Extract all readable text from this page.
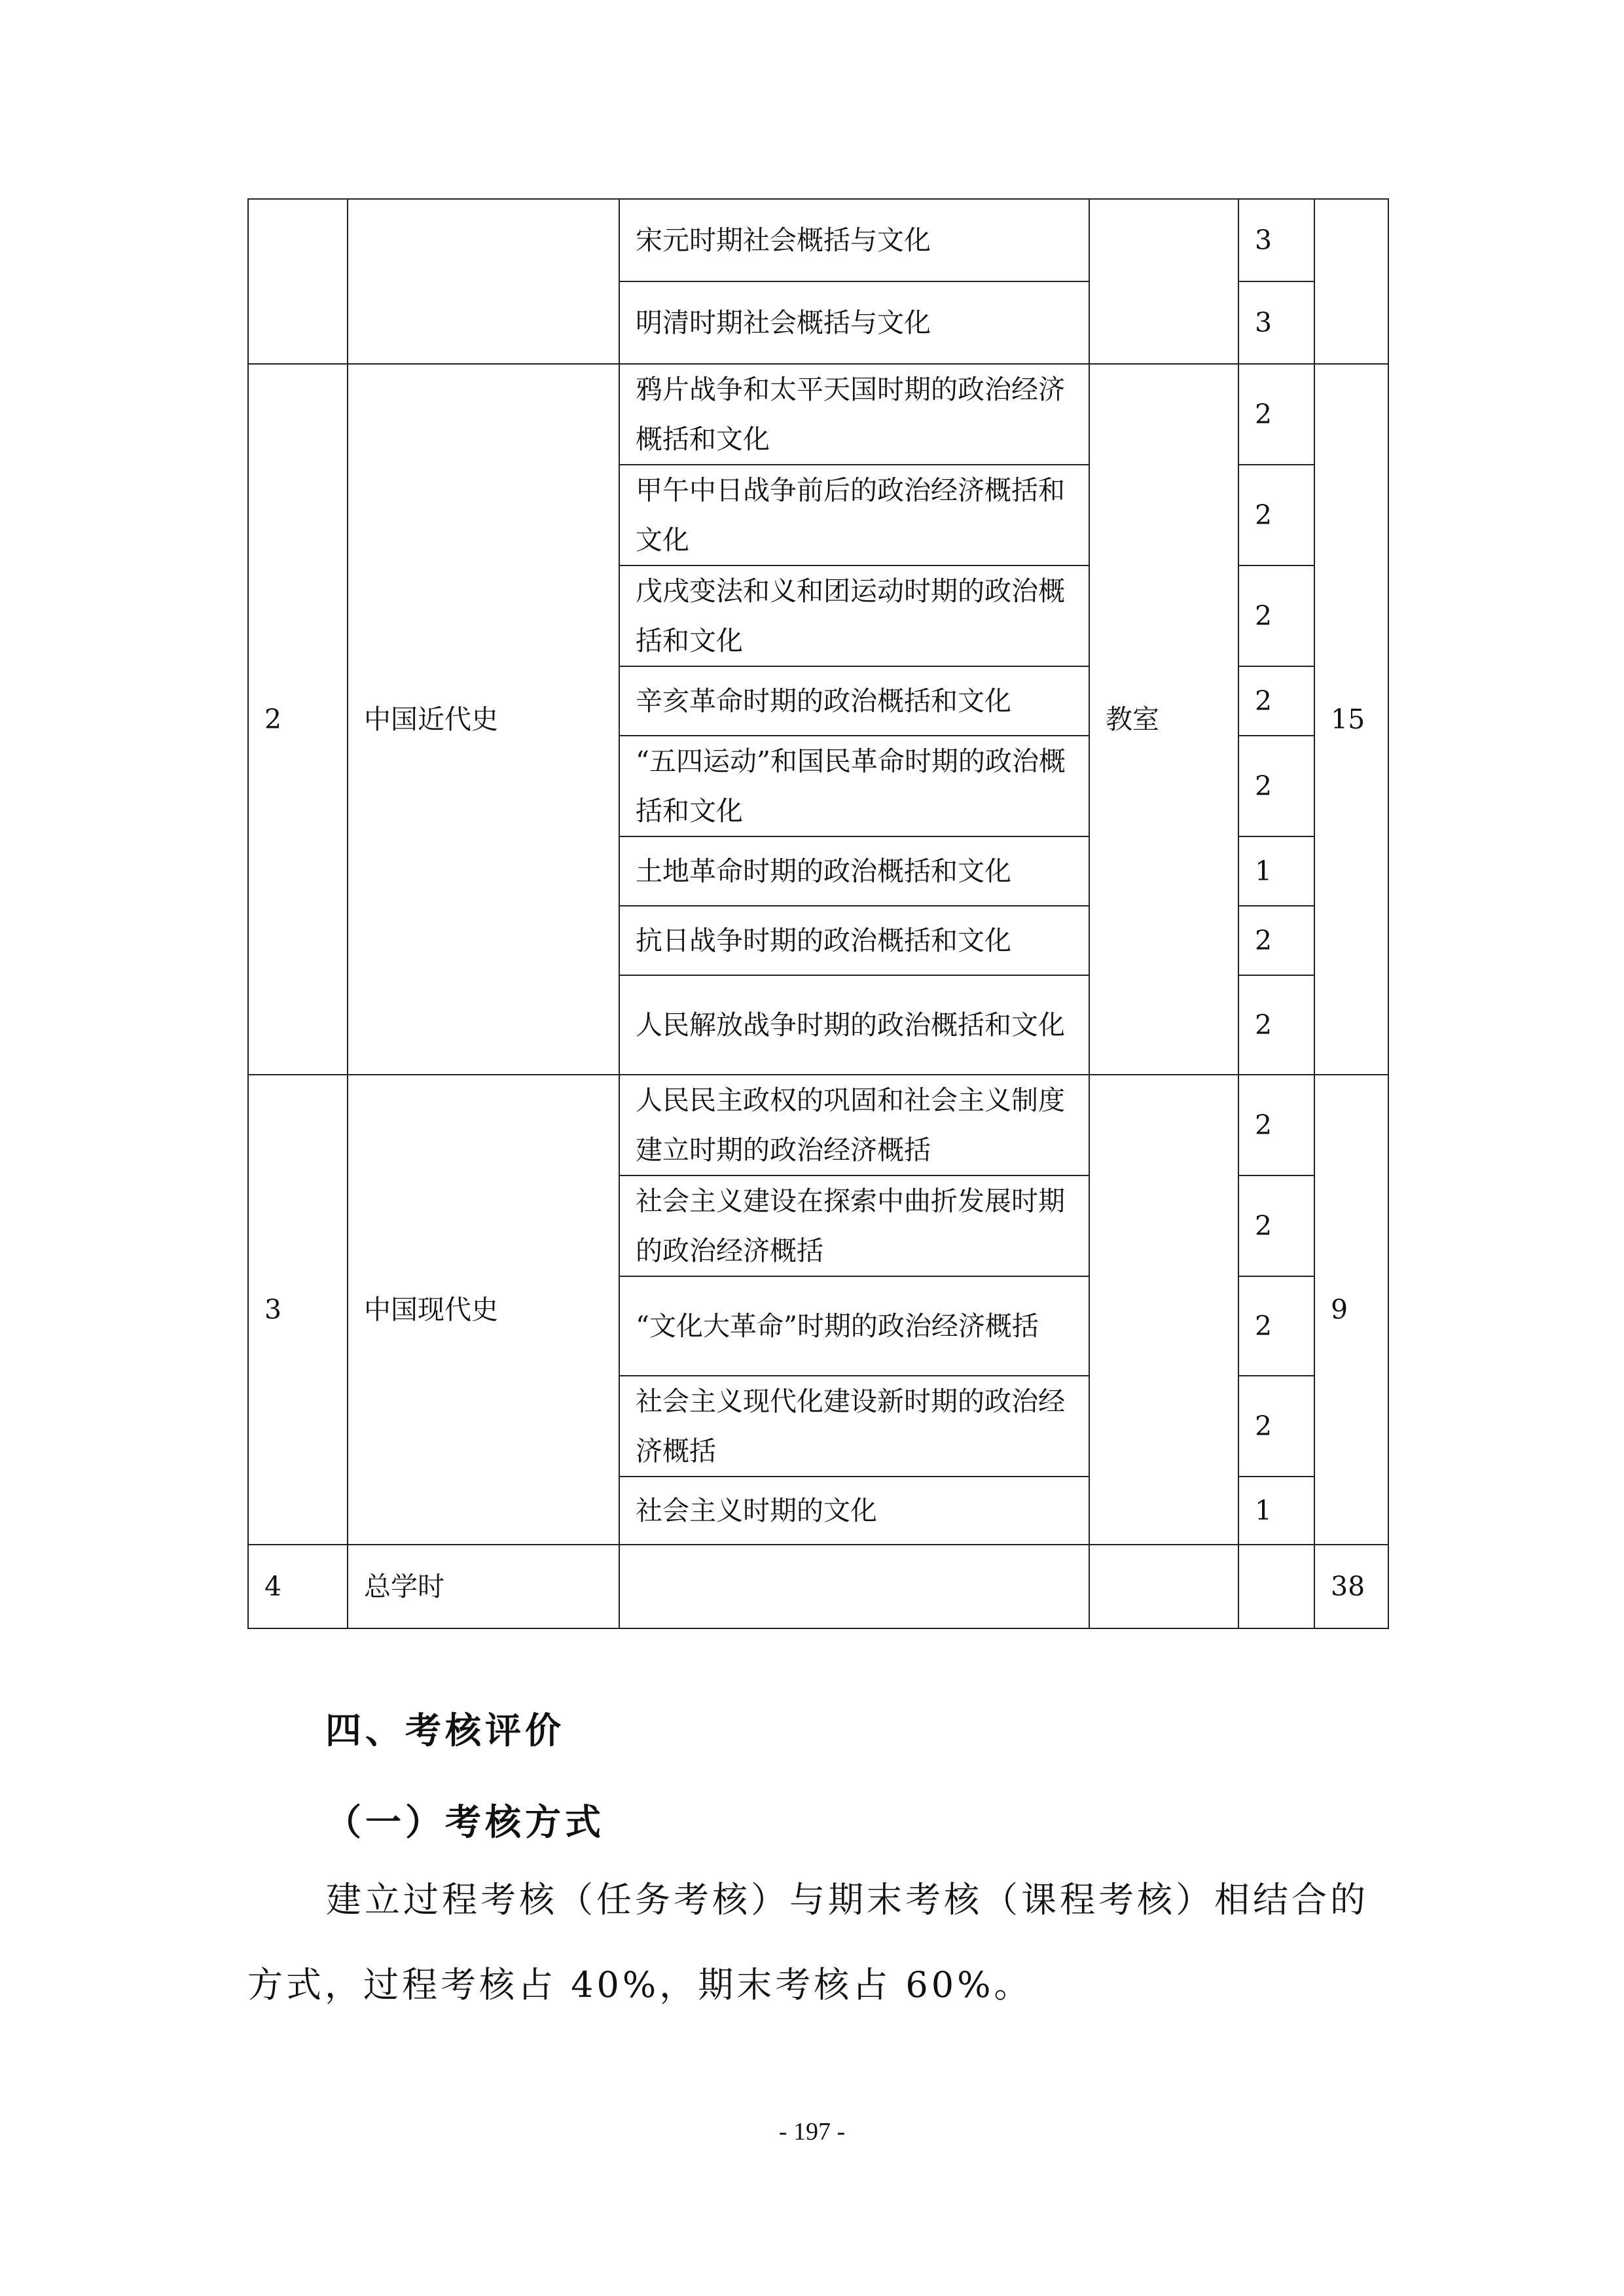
		宋元时期社会概括与文化		3	
		明清时期社会概括与文化		3	
2	中国近代史	鸦片战争和太平天国时期的政治经济概括和文化	教室	2	15
		甲午中日战争前后的政治经济概括和文化		2	
		戊戌变法和义和团运动时期的政治概括和文化		2	
		辛亥革命时期的政治概括和文化		2	
		“五四运动”和国民革命时期的政治概括和文化		2	
		土地革命时期的政治概括和文化		1	
		抗日战争时期的政治概括和文化		2	
		人民解放战争时期的政治概括和文化		2	
3	中国现代史	人民民主政权的巩固和社会主义制度建立时期的政治经济概括		2	9
		社会主义建设在探索中曲折发展时期的政治经济概括		2	
		“文化大革命”时期的政治经济概括		2	
		社会主义现代化建设新时期的政治经济概括		2	
		社会主义时期的文化		1	
4	总学时				38
四、考核评价
（一）考核方式
建立过程考核（任务考核）与期末考核（课程考核）相结合的方式，过程考核占 40%，期末考核占 60%。
- 197 -
